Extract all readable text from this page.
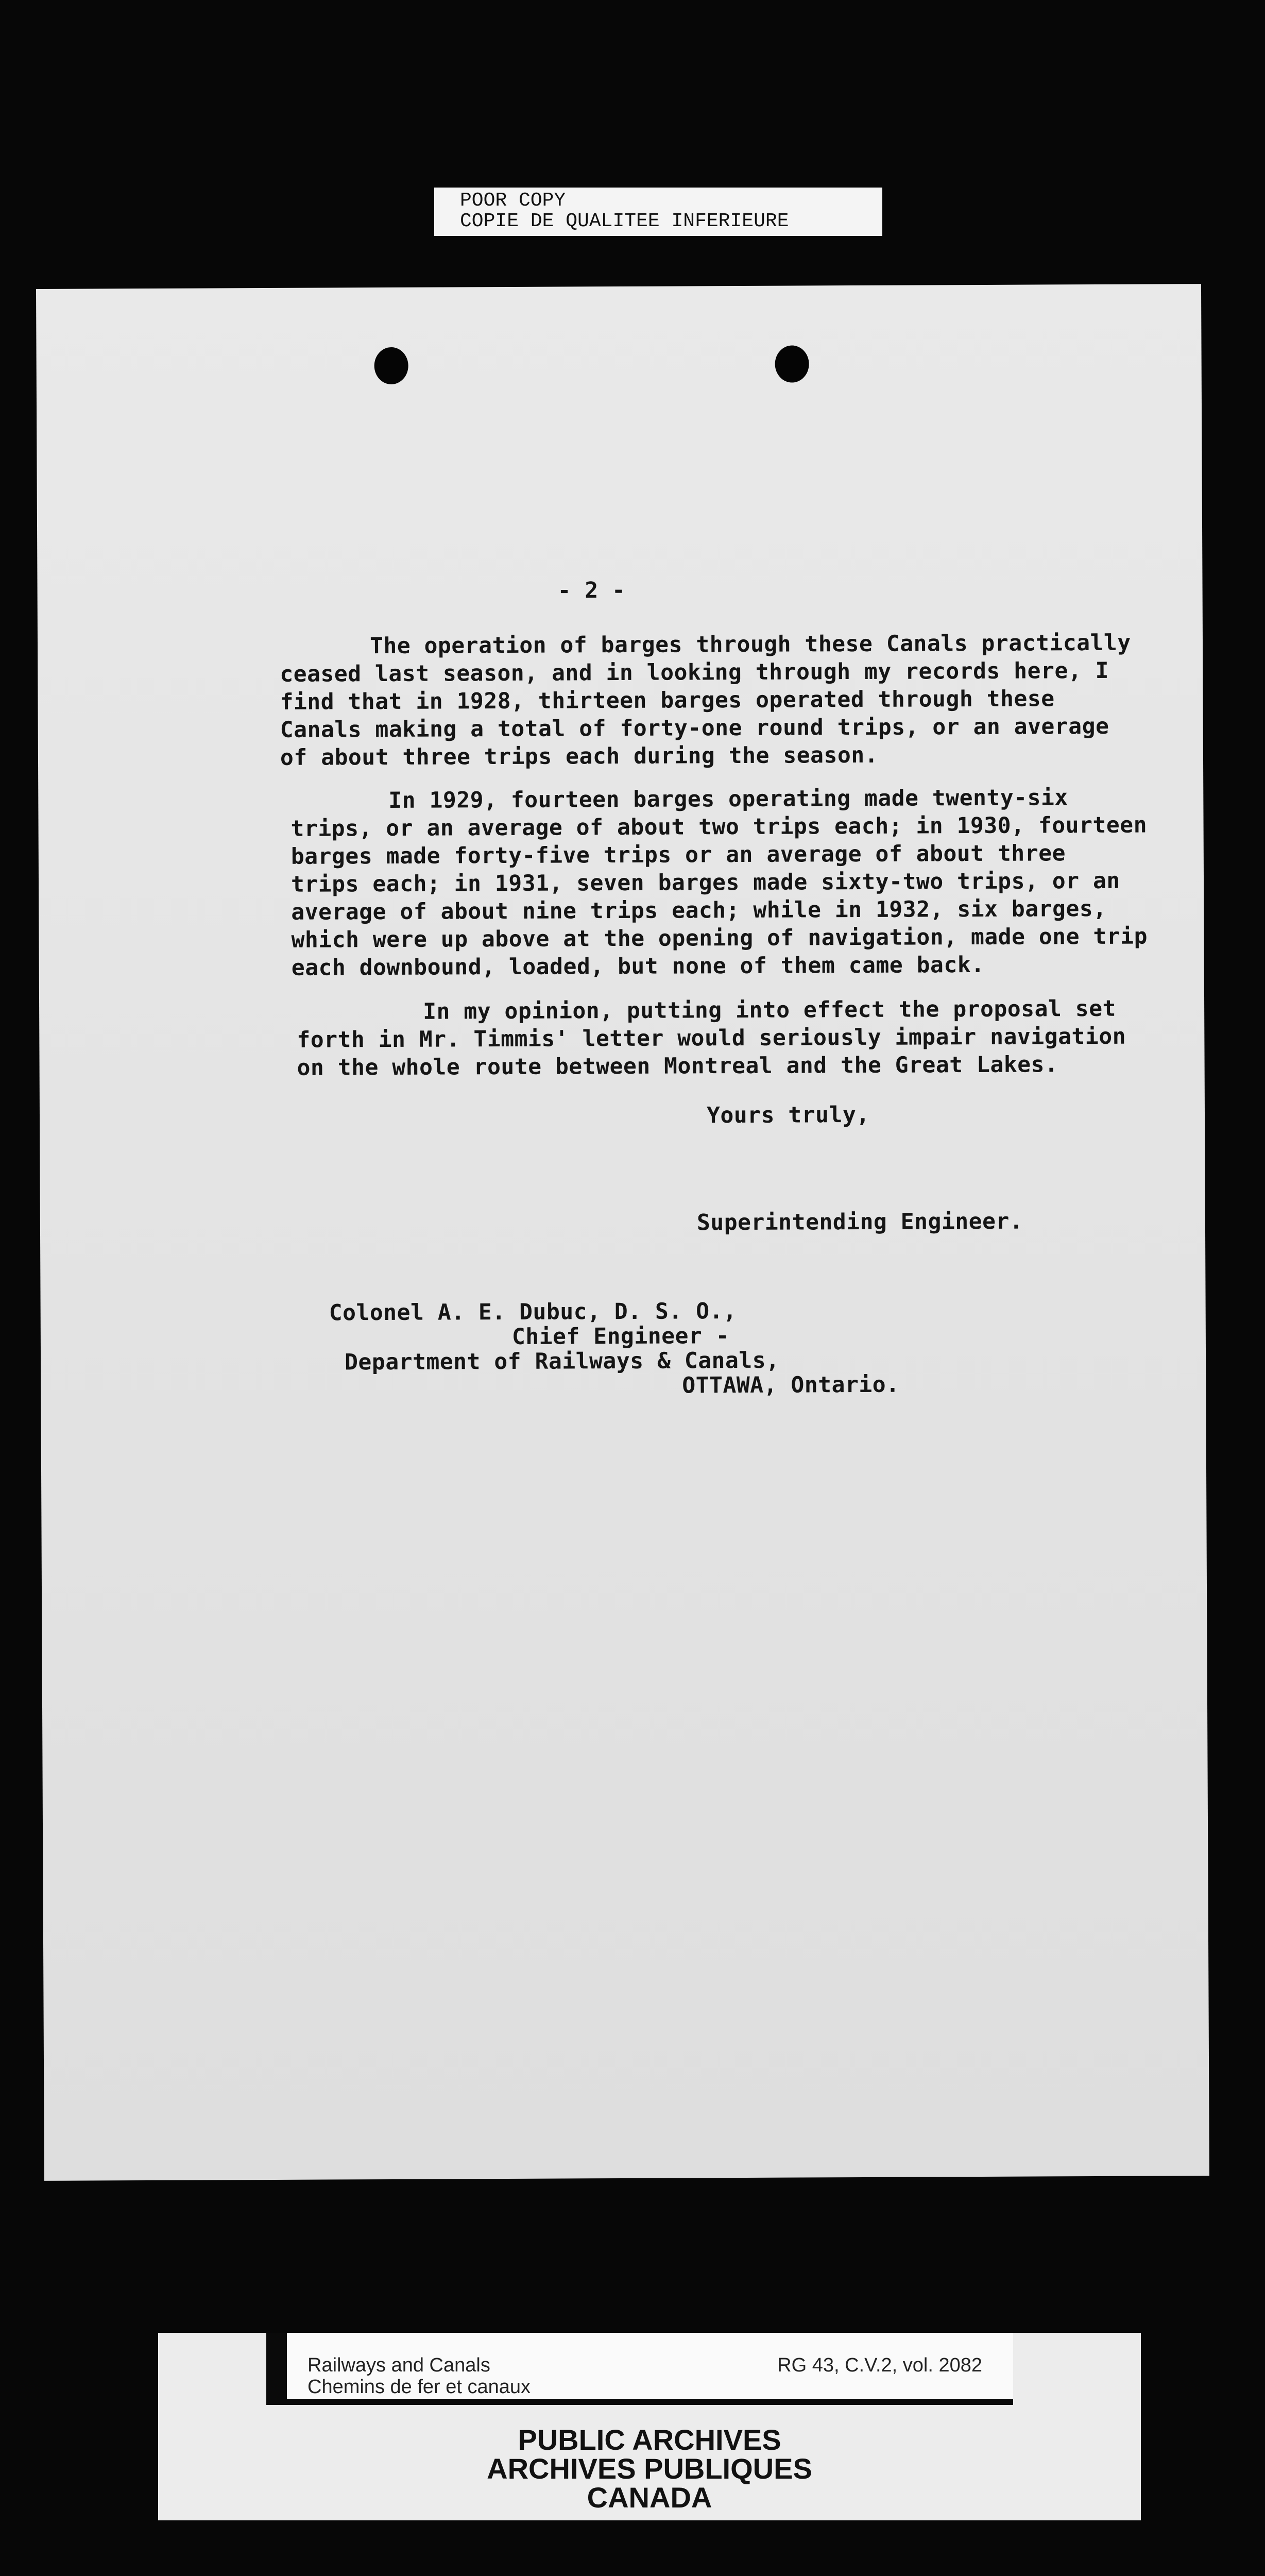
POOR COPY
COPIE DE QUALITEE INFERIEURE
- 2 -
The operation of barges through these Canals practically
ceased last season, and in looking through my records here, I
find that in 1928, thirteen barges operated through these
Canals making a total of forty-one round trips, or an average
of about three trips each during the season.
In 1929, fourteen barges operating made twenty-six
trips, or an average of about two trips each; in 1930, fourteen
barges made forty-five trips or an average of about three
trips each; in 1931, seven barges made sixty-two trips, or an
average of about nine trips each; while in 1932, six barges,
which were up above at the opening of navigation, made one trip
each downbound, loaded, but none of them came back.
In my opinion, putting into effect the proposal set
forth in Mr. Timmis' letter would seriously impair navigation
on the whole route between Montreal and the Great Lakes.
Yours truly,
Superintending Engineer.
Colonel A. E. Dubuc, D. S. O.,
Chief Engineer -
Department of Railways & Canals,
OTTAWA, Ontario.
Railways and Canals
Chemins de fer et canaux
RG 43, C.V.2, vol. 2082
PUBLIC ARCHIVES
ARCHIVES PUBLIQUES
CANADA
